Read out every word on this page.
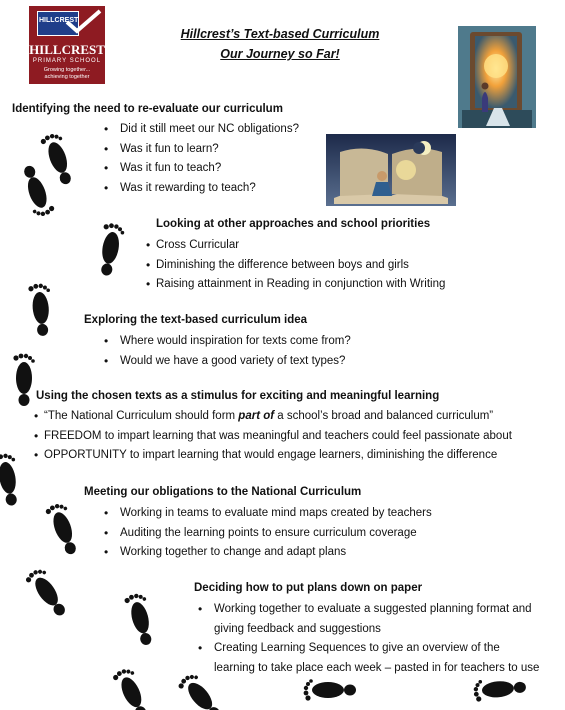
HILLCREST
HILLCREST
PRIMARY SCHOOL
Growing together...
achieving together
Hillcrest’s Text-based Curriculum
Our Journey so Far!
Identifying the need to re-evaluate our curriculum
• Did it still meet our NC obligations?
• Was it fun to learn?
• Was it fun to teach?
• Was it rewarding to teach?
Looking at other approaches and school priorities
• Cross Curricular
• Diminishing the difference between boys and girls
• Raising attainment in Reading in conjunction with Writing
Exploring the text-based curriculum idea
• Where would inspiration for texts come from?
• Would we have a good variety of text types?
Using the chosen texts as a stimulus for exciting and meaningful learning
• “The National Curriculum should form part of a school’s broad and balanced curriculum”
• FREEDOM to impart learning that was meaningful and teachers could feel passionate about
• OPPORTUNITY to impart learning that would engage learners, diminishing the difference
Meeting our obligations to the National Curriculum
• Working in teams to evaluate mind maps created by teachers
• Auditing the learning points to ensure curriculum coverage
• Working together to change and adapt plans
Deciding how to put plans down on paper
• Working together to evaluate a suggested planning format and giving feedback and suggestions
• Creating Learning Sequences to give an overview of the learning to take place each week – pasted in for teachers to use
